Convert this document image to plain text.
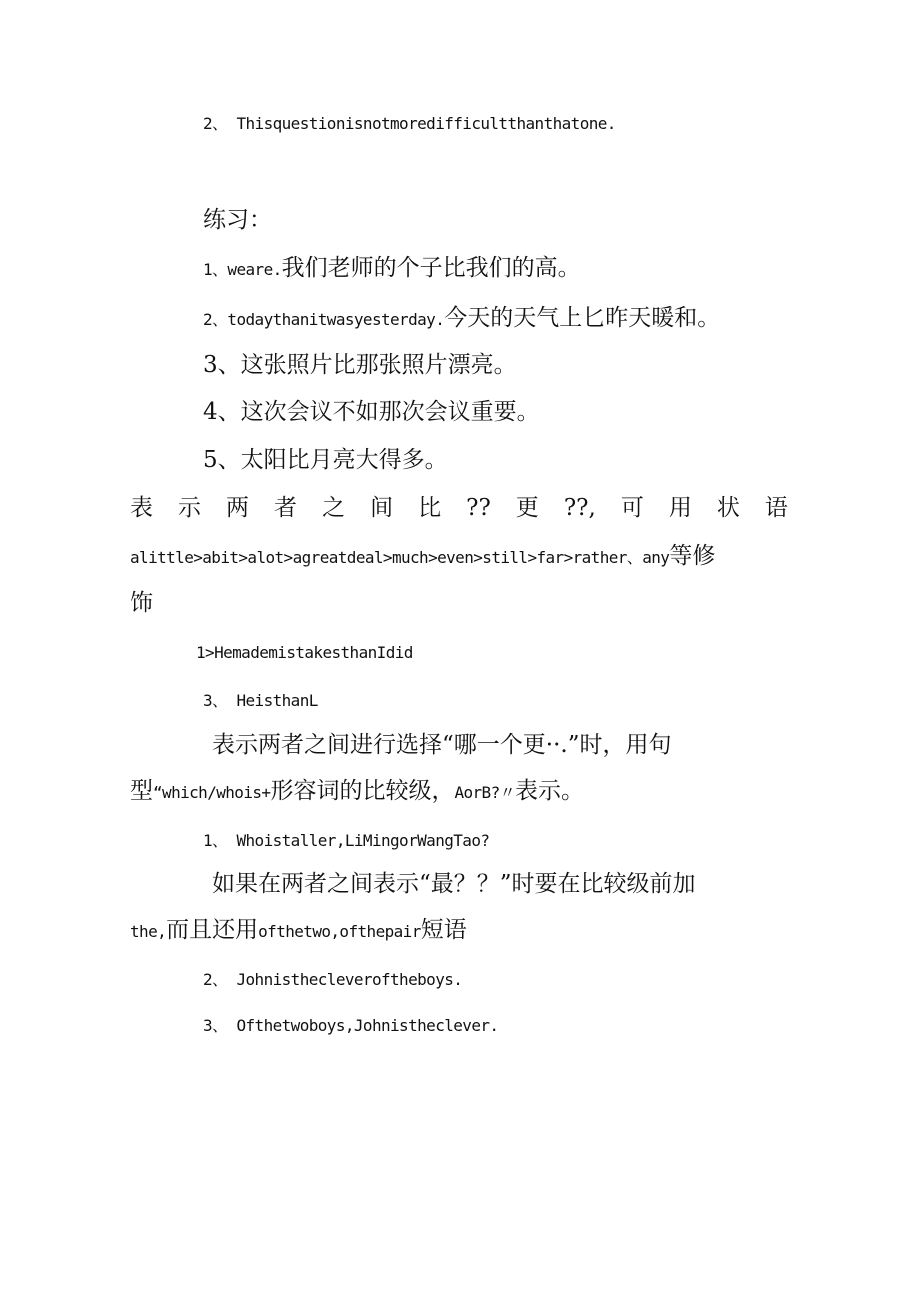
2、 Thisquestionisnotmoredifficultthanthatone.
练习：
1、weare.我们老师的个子比我们的高。
2、todaythanitwasyesterday.今天的天气上匕昨天暖和。
3、这张照片比那张照片漂亮。
4、这次会议不如那次会议重要。
5、太阳比月亮大得多。
表 示 两 者 之 间 比 ?? 更 ??, 可 用 状 语
alittle>abit>alot>agreatdeal>much>even>still>far>rather、any等修
饰
1>HemademistakesthanIdid
3、 HeisthanL
表示两者之间进行选择“哪一个更··.”时，用句
型“which/whois+形容词的比较级，AorB?〃表示。
1、 Whoistaller,LiMingorWangTao?
如果在两者之间表示“最？？”时要在比较级前加
the,而且还用ofthetwo,ofthepair短语
2、 Johnisthecleveroftheboys.
3、 Ofthetwoboys,Johnistheclever.
